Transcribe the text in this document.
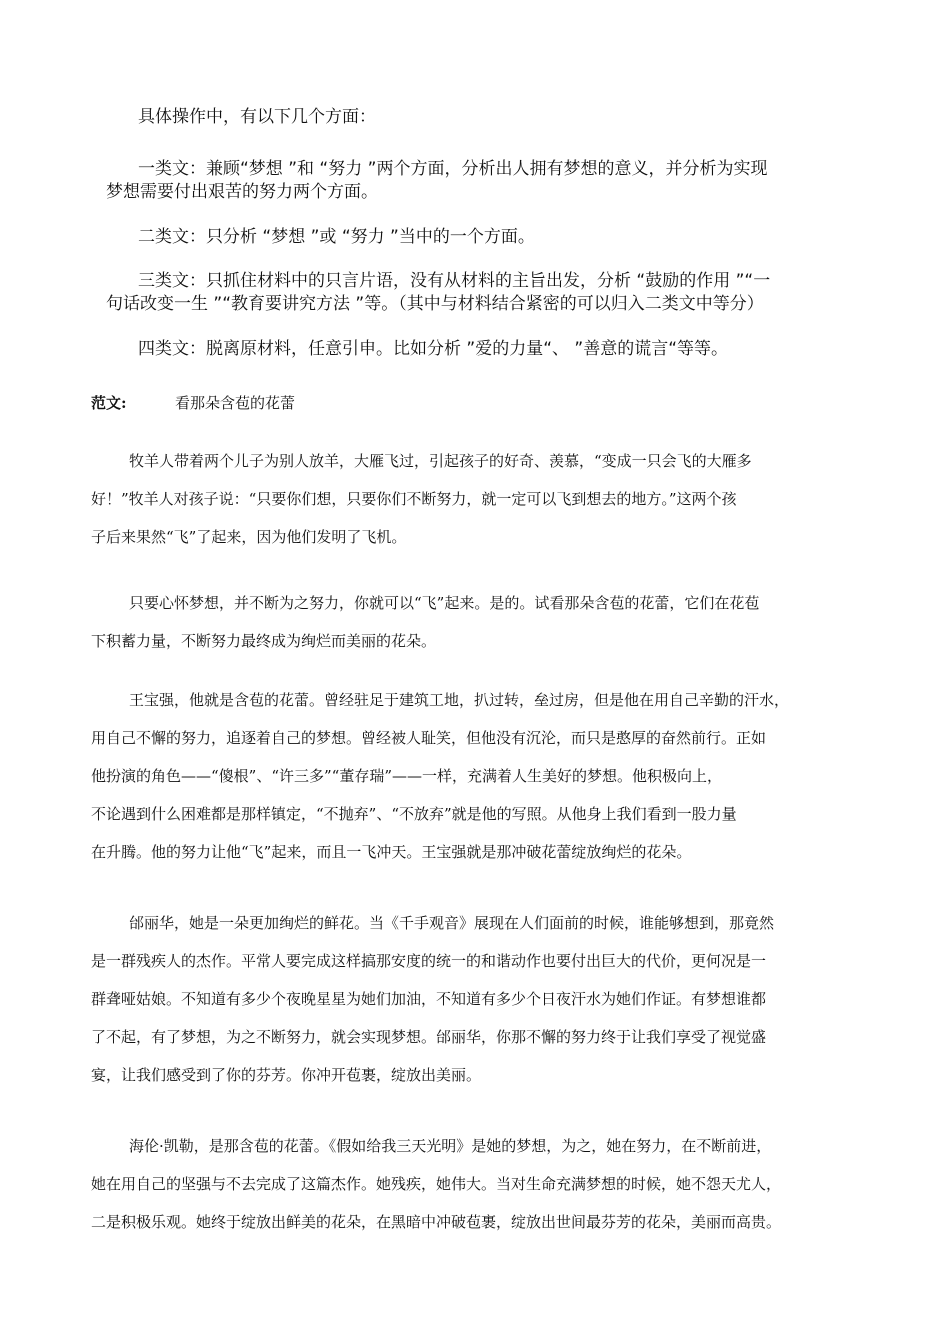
具体操作中，有以下几个方面：
一类文：兼顾“梦想 ”和 “努力 ”两个方面，分析出人拥有梦想的意义，并分析为实现
梦想需要付出艰苦的努力两个方面。
二类文：只分析 “梦想 ”或 “努力 ”当中的一个方面。
三类文：只抓住材料中的只言片语，没有从材料的主旨出发，分析 “鼓励的作用 ”“一
句话改变一生 ”“教育要讲究方法 ”等。（其中与材料结合紧密的可以归入二类文中等分）
四类文：脱离原材料，任意引申。比如分析 ”爱的力量“、 ”善意的谎言“等等。
范文:	看那朵含苞的花蕾
牧羊人带着两个儿子为别人放羊，大雁飞过，引起孩子的好奇、羡慕，“变成一只会飞的大雁多
好！”牧羊人对孩子说：“只要你们想，只要你们不断努力，就一定可以飞到想去的地方。”这两个孩
子后来果然“飞”了起来，因为他们发明了飞机。
只要心怀梦想，并不断为之努力，你就可以“飞”起来。是的。试看那朵含苞的花蕾，它们在花苞
下积蓄力量，不断努力最终成为绚烂而美丽的花朵。
王宝强，他就是含苞的花蕾。曾经驻足于建筑工地，扒过转，垒过房，但是他在用自己辛勤的汗水，
用自己不懈的努力，追逐着自己的梦想。曾经被人耻笑，但他没有沉沦，而只是憨厚的奋然前行。正如
他扮演的角色——“傻根”、“许三多”“董存瑞”——一样，充满着人生美好的梦想。他积极向上，
不论遇到什么困难都是那样镇定，“不抛弃”、“不放弃”就是他的写照。从他身上我们看到一股力量
在升腾。他的努力让他“飞”起来，而且一飞冲天。王宝强就是那冲破花蕾绽放绚烂的花朵。
邰丽华，她是一朵更加绚烂的鲜花。当《千手观音》展现在人们面前的时候，谁能够想到，那竟然
是一群残疾人的杰作。平常人要完成这样搞那安度的统一的和谐动作也要付出巨大的代价，更何况是一
群聋哑姑娘。不知道有多少个夜晚星星为她们加油，不知道有多少个日夜汗水为她们作证。有梦想谁都
了不起，有了梦想，为之不断努力，就会实现梦想。邰丽华，你那不懈的努力终于让我们享受了视觉盛
宴，让我们感受到了你的芬芳。你冲开苞裹，绽放出美丽。
海伦·凯勒，是那含苞的花蕾。《假如给我三天光明》是她的梦想，为之，她在努力，在不断前进，
她在用自己的坚强与不去完成了这篇杰作。她残疾，她伟大。当对生命充满梦想的时候，她不怨天尤人，
二是积极乐观。她终于绽放出鲜美的花朵，在黑暗中冲破苞裹，绽放出世间最芬芳的花朵，美丽而高贵。
